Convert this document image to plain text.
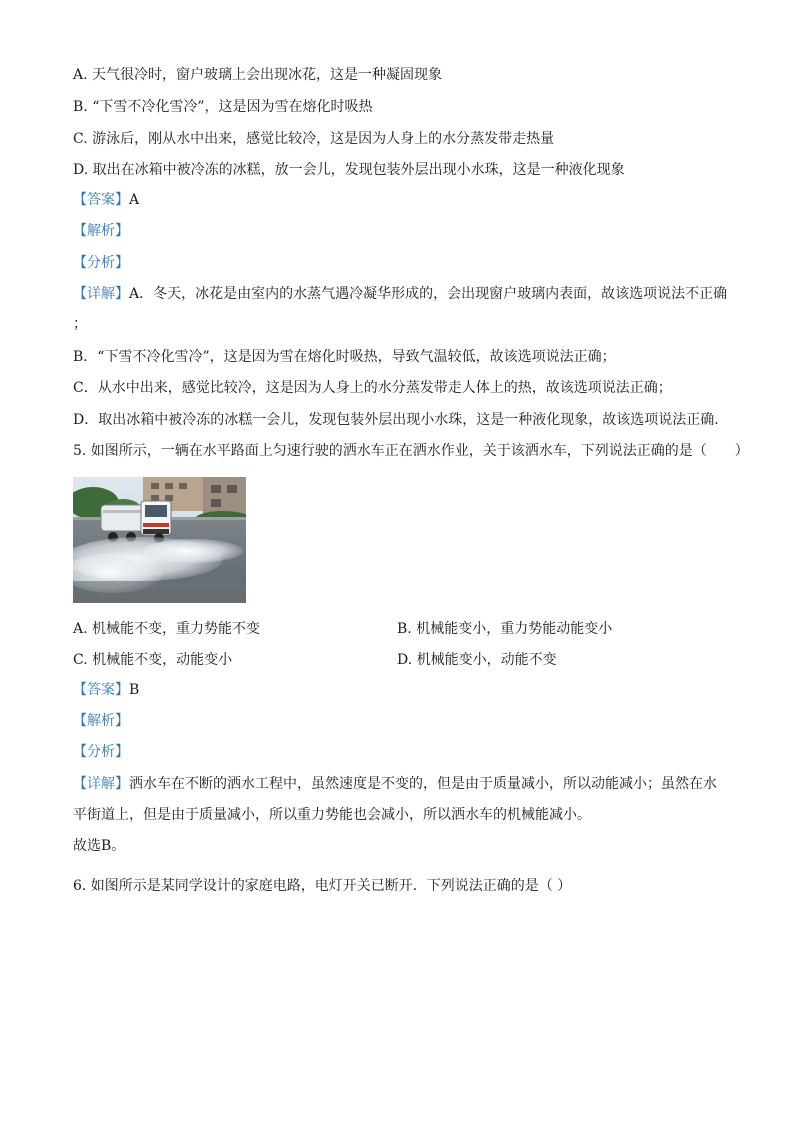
A. 天气很冷时，窗户玻璃上会出现冰花，这是一种凝固现象
B. “下雪不冷化雪冷”，这是因为雪在熔化时吸热
C. 游泳后，刚从水中出来，感觉比较冷，这是因为人身上的水分蒸发带走热量
D. 取出在冰箱中被冷冻的冰糕，放一会儿，发现包装外层出现小水珠，这是一种液化现象
【答案】A
【解析】
【分析】
【详解】A．冬天，冰花是由室内的水蒸气遇冷凝华形成的，会出现窗户玻璃内表面，故该选项说法不正确
；
B．“下雪不冷化雪冷”，这是因为雪在熔化时吸热，导致气温较低，故该选项说法正确；
C．从水中出来，感觉比较冷，这是因为人身上的水分蒸发带走人体上的热，故该选项说法正确；
D．取出冰箱中被冷冻的冰糕一会儿，发现包装外层出现小水珠，这是一种液化现象，故该选项说法正确．
5. 如图所示，一辆在水平路面上匀速行驶的洒水车正在洒水作业，关于该洒水车，下列说法正确的是（　　）
A. 机械能不变，重力势能不变	B. 机械能变小，重力势能动能变小
C. 机械能不变，动能变小	D. 机械能变小，动能不变
【答案】B
【解析】
【分析】
【详解】洒水车在不断的洒水工程中，虽然速度是不变的，但是由于质量减小，所以动能减小；虽然在水
平街道上，但是由于质量减小，所以重力势能也会减小，所以洒水车的机械能减小。
故选B。
6. 如图所示是某同学设计的家庭电路，电灯开关已断开．下列说法正确的是（ ）
